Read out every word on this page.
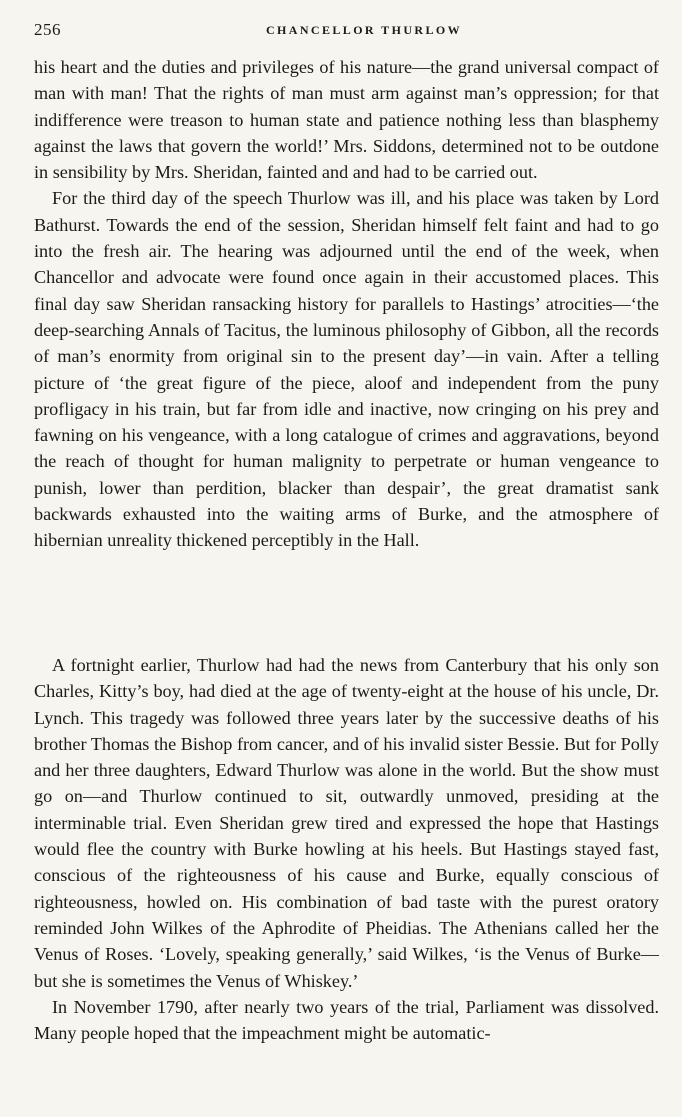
256	CHANCELLOR THURLOW

his heart and the duties and privileges of his nature—the grand universal compact of man with man! That the rights of man must arm against man’s oppression; for that indifference were treason to human state and patience nothing less than blasphemy against the laws that govern the world!’ Mrs. Siddons, determined not to be outdone in sensibility by Mrs. Sheridan, fainted and and had to be carried out.

For the third day of the speech Thurlow was ill, and his place was taken by Lord Bathurst. Towards the end of the session, Sheridan himself felt faint and had to go into the fresh air. The hearing was adjourned until the end of the week, when Chancellor and advocate were found once again in their accustomed places. This final day saw Sheridan ransacking history for parallels to Hastings’ atrocities—‘the deep-searching Annals of Tacitus, the luminous philosophy of Gibbon, all the records of man’s enormity from original sin to the present day’—in vain. After a telling picture of ‘the great figure of the piece, aloof and independent from the puny profligacy in his train, but far from idle and inactive, now cringing on his prey and fawning on his vengeance, with a long catalogue of crimes and aggravations, beyond the reach of thought for human malignity to perpetrate or human vengeance to punish, lower than perdition, blacker than despair’, the great dramatist sank backwards exhausted into the waiting arms of Burke, and the atmosphere of hibernian unreality thickened perceptibly in the Hall.

A fortnight earlier, Thurlow had had the news from Canterbury that his only son Charles, Kitty’s boy, had died at the age of twenty-eight at the house of his uncle, Dr. Lynch. This tragedy was followed three years later by the successive deaths of his brother Thomas the Bishop from cancer, and of his invalid sister Bessie. But for Polly and her three daughters, Edward Thurlow was alone in the world. But the show must go on—and Thurlow continued to sit, outwardly unmoved, presiding at the interminable trial. Even Sheridan grew tired and expressed the hope that Hastings would flee the country with Burke howling at his heels. But Hastings stayed fast, conscious of the righteousness of his cause and Burke, equally conscious of righteousness, howled on. His combination of bad taste with the purest oratory reminded John Wilkes of the Aphrodite of Pheidias. The Athenians called her the Venus of Roses. ‘Lovely, speaking generally,’ said Wilkes, ‘is the Venus of Burke—but she is sometimes the Venus of Whiskey.’

In November 1790, after nearly two years of the trial, Parliament was dissolved. Many people hoped that the impeachment might be automatic-
